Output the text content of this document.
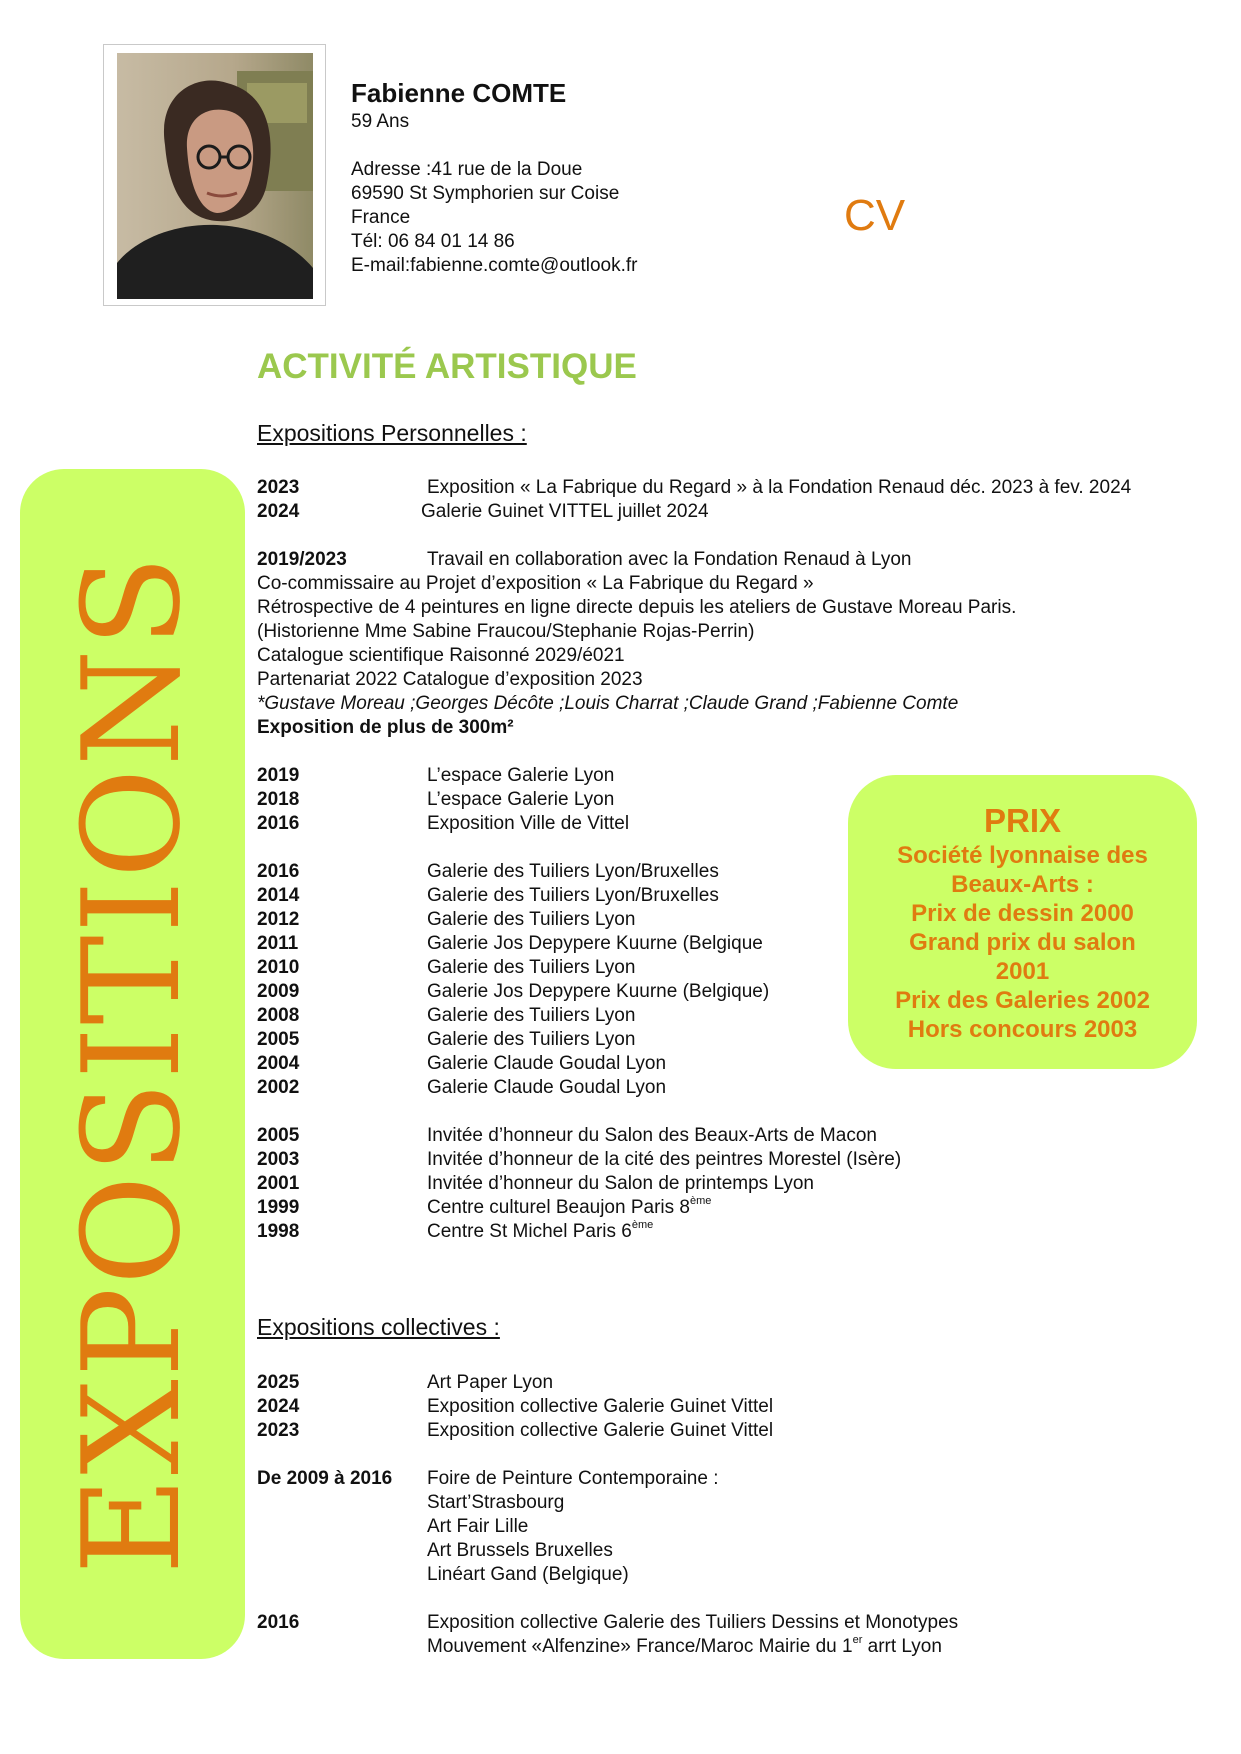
Fabienne COMTE
59 Ans
Adresse :41 rue de la Doue
69590 St Symphorien sur Coise
France
Tél: 06 84 01 14 86
E-mail:fabienne.comte@outlook.fr
CV
ACTIVITÉ ARTISTIQUE
EXPOSITIONS	PRIX
Société lyonnaise des
Beaux-Arts :
Prix de dessin 2000
Grand prix du salon
2001
Prix des Galeries 2002
Hors concours 2003
Expositions Personnelles :
2023	Exposition « La Fabrique du Regard » à la Fondation Renaud déc. 2023 à fev. 2024
2024	Galerie Guinet VITTEL juillet 2024
2019/2023	Travail en collaboration avec la Fondation Renaud à Lyon
Co-commissaire au Projet d’exposition « La Fabrique du Regard »
Rétrospective de 4 peintures en ligne directe depuis les ateliers de Gustave Moreau Paris.
(Historienne Mme Sabine Fraucou/Stephanie Rojas-Perrin)
Catalogue scientifique Raisonné 2029/é021
Partenariat 2022 Catalogue d’exposition 2023
*Gustave Moreau ;Georges Décôte ;Louis Charrat ;Claude Grand ;Fabienne Comte
Exposition de plus de 300m²
2019	L’espace Galerie Lyon
2018	L’espace Galerie Lyon
2016	Exposition Ville de Vittel
2016	Galerie des Tuiliers Lyon/Bruxelles
2014	Galerie des Tuiliers Lyon/Bruxelles
2012	Galerie des Tuiliers Lyon
2011	Galerie Jos Depypere Kuurne (Belgique
2010	Galerie des Tuiliers Lyon
2009	Galerie Jos Depypere Kuurne (Belgique)
2008	Galerie des Tuiliers Lyon
2005	Galerie des Tuiliers Lyon
2004	Galerie Claude Goudal Lyon
2002	Galerie Claude Goudal Lyon
2005	Invitée d’honneur du Salon des Beaux-Arts de Macon
2003	Invitée d’honneur de la cité des peintres Morestel (Isère)
2001	Invitée d’honneur du Salon de printemps Lyon
1999	Centre culturel Beaujon Paris 8ème
1998	Centre St Michel Paris 6ème
Expositions collectives :
2025	Art Paper Lyon
2024	Exposition collective Galerie Guinet Vittel
2023	Exposition collective Galerie Guinet Vittel
De 2009 à 2016	Foire de Peinture Contemporaine :
Start’Strasbourg
Art Fair Lille
Art Brussels Bruxelles
Linéart Gand (Belgique)
2016	Exposition collective Galerie des Tuiliers Dessins et Monotypes
Mouvement «Alfenzine» France/Maroc Mairie du 1er arrt Lyon
